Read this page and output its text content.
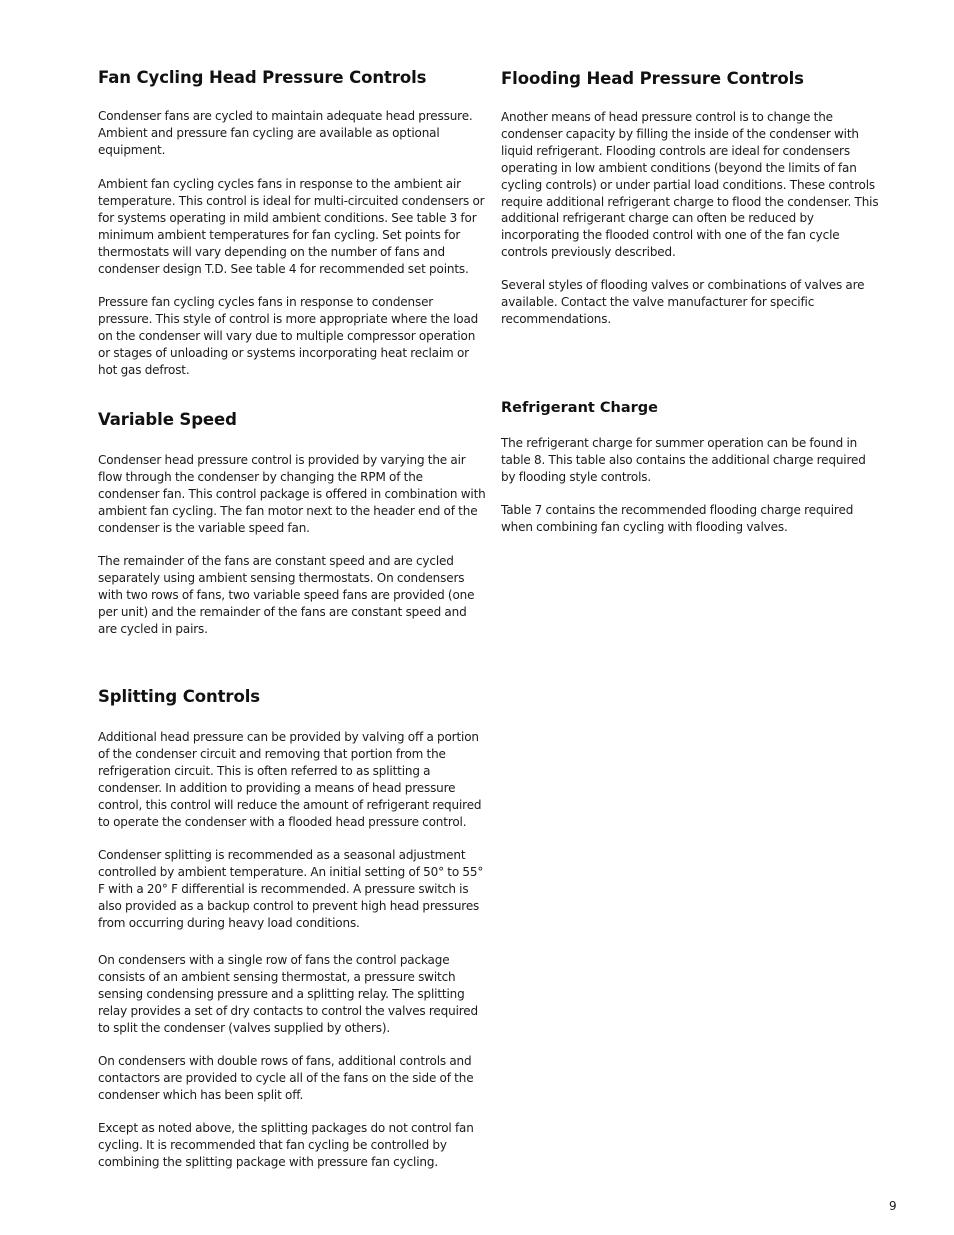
Fan Cycling Head Pressure Controls

Condenser fans are cycled to maintain adequate head pressure. Ambient and pressure fan cycling are available as optional equipment.

Ambient fan cycling cycles fans in response to the ambient air temperature. This control is ideal for multi-circuited condensers or for systems operating in mild ambient conditions. See table 3 for minimum ambient temperatures for fan cycling. Set points for thermostats will vary depending on the number of fans and condenser design T.D. See table 4 for recommended set points.

Pressure fan cycling cycles fans in response to condenser pressure. This style of control is more appropriate where the load on the condenser will vary due to multiple compressor operation or stages of unloading or systems incorporating heat reclaim or hot gas defrost.

Variable Speed

Condenser head pressure control is provided by varying the air flow through the condenser by changing the RPM of the condenser fan. This control package is offered in combination with ambient fan cycling. The fan motor next to the header end of the condenser is the variable speed fan.

The remainder of the fans are constant speed and are cycled separately using ambient sensing thermostats. On condensers with two rows of fans, two variable speed fans are provided (one per unit) and the remainder of the fans are constant speed and are cycled in pairs.

Splitting Controls

Additional head pressure can be provided by valving off a portion of the condenser circuit and removing that portion from the refrigeration circuit. This is often referred to as splitting a condenser. In addition to providing a means of head pressure control, this control will reduce the amount of refrigerant required to operate the condenser with a flooded head pressure control.

Condenser splitting is recommended as a seasonal adjustment controlled by ambient temperature. An initial setting of 50° to 55° F with a 20° F differential is recommended. A pressure switch is also provided as a backup control to prevent high head pressures from occurring during heavy load conditions.

On condensers with a single row of fans the control package consists of an ambient sensing thermostat, a pressure switch sensing condensing pressure and a splitting relay. The splitting relay provides a set of dry contacts to control the valves required to split the condenser (valves supplied by others).

On condensers with double rows of fans, additional controls and contactors are provided to cycle all of the fans on the side of the condenser which has been split off.

Except as noted above, the splitting packages do not control fan cycling. It is recommended that fan cycling be controlled by combining the splitting package with pressure fan cycling.

Flooding Head Pressure Controls

Another means of head pressure control is to change the condenser capacity by filling the inside of the condenser with liquid refrigerant. Flooding controls are ideal for condensers operating in low ambient conditions (beyond the limits of fan cycling controls) or under partial load conditions. These controls require additional refrigerant charge to flood the condenser. This additional refrigerant charge can often be reduced by incorporating the flooded control with one of the fan cycle controls previously described.

Several styles of flooding valves or combinations of valves are available. Contact the valve manufacturer for specific recommendations.

Refrigerant Charge

The refrigerant charge for summer operation can be found in table 8. This table also contains the additional charge required by flooding style controls.

Table 7 contains the recommended flooding charge required when combining fan cycling with flooding valves.

9
